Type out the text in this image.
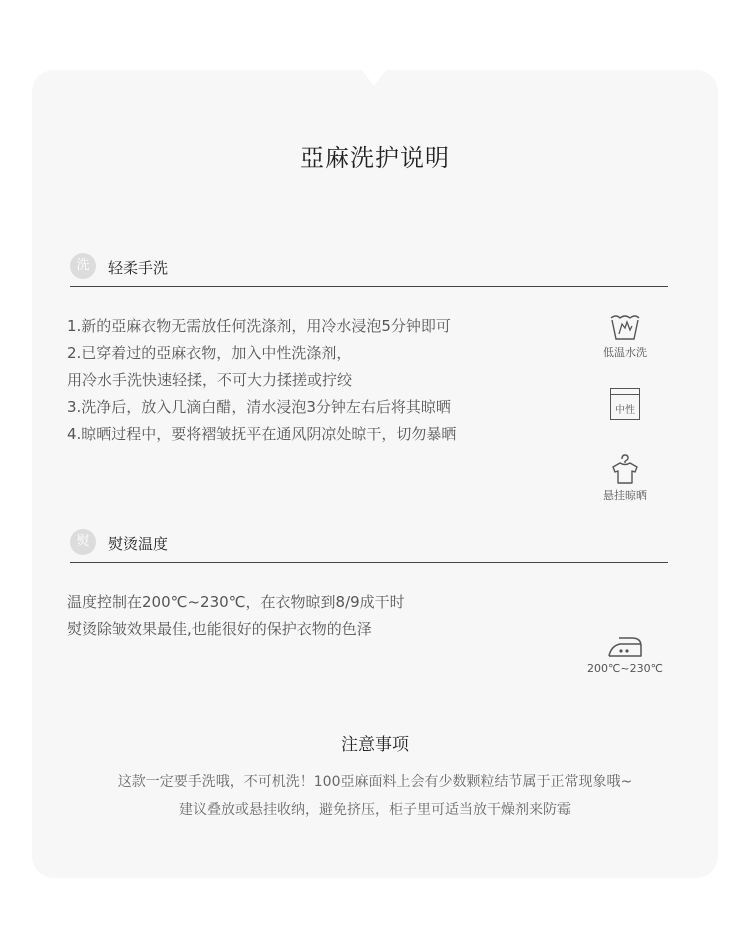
亞麻洗护说明
洗	轻柔手洗
1.新的亞麻衣物无需放任何洗涤剂，用冷水浸泡5分钟即可
2.已穿着过的亞麻衣物，加入中性洗涤剂，
用冷水手洗快速轻揉，不可大力揉搓或拧绞
3.洗净后，放入几滴白醋，清水浸泡3分钟左右后将其晾晒
4.晾晒过程中，要将褶皱抚平在通风阴凉处晾干，切勿暴晒
低温水洗
中性
悬挂晾晒
熨	熨烫温度
温度控制在200℃~230℃，在衣物晾到8/9成干时
熨烫除皱效果最佳,也能很好的保护衣物的色泽
200℃~230℃
注意事项
这款一定要手洗哦，不可机洗！100亞麻面料上会有少数颗粒结节属于正常现象哦~
建议叠放或悬挂收纳，避免挤压，柜子里可适当放干燥剂来防霉
